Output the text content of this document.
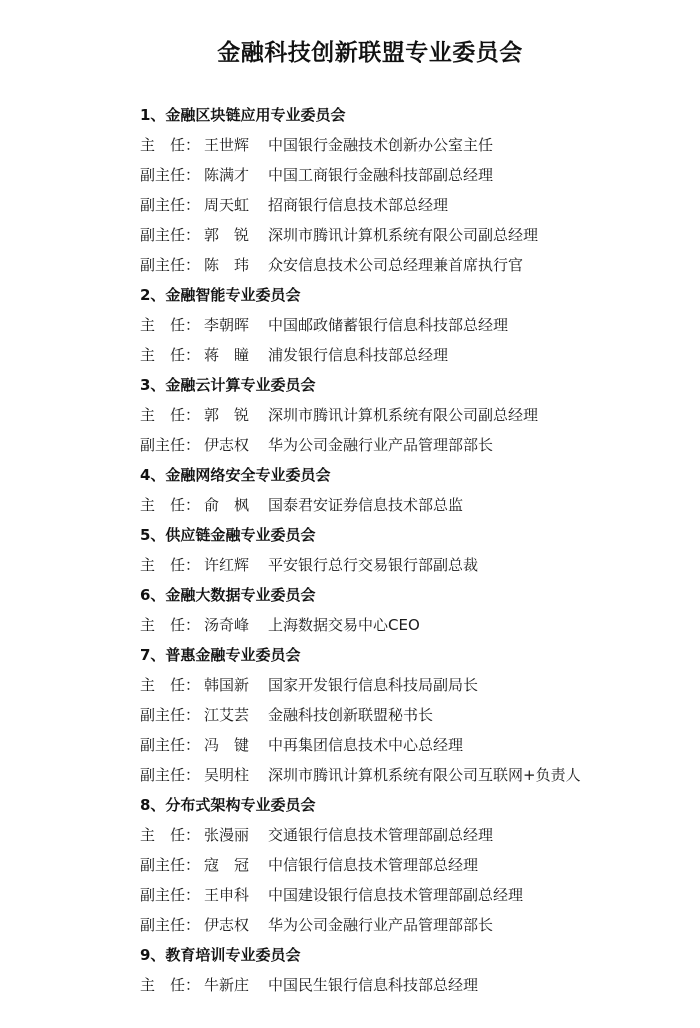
金融科技创新联盟专业委员会
1、金融区块链应用专业委员会
主　任： 王世辉 中国银行金融技术创新办公室主任
副主任： 陈满才 中国工商银行金融科技部副总经理
副主任： 周天虹 招商银行信息技术部总经理
副主任： 郭　锐 深圳市腾讯计算机系统有限公司副总经理
副主任： 陈　玮 众安信息技术公司总经理兼首席执行官
2、金融智能专业委员会
主　任： 李朝晖 中国邮政储蓄银行信息科技部总经理
主　任： 蒋　瞳 浦发银行信息科技部总经理
3、金融云计算专业委员会
主　任： 郭　锐 深圳市腾讯计算机系统有限公司副总经理
副主任： 伊志权 华为公司金融行业产品管理部部长
4、金融网络安全专业委员会
主　任： 俞　枫 国泰君安证券信息技术部总监
5、供应链金融专业委员会
主　任： 许红辉 平安银行总行交易银行部副总裁
6、金融大数据专业委员会
主　任： 汤奇峰 上海数据交易中心CEO
7、普惠金融专业委员会
主　任： 韩国新 国家开发银行信息科技局副局长
副主任： 江艾芸 金融科技创新联盟秘书长
副主任： 冯　键 中再集团信息技术中心总经理
副主任： 吴明柱 深圳市腾讯计算机系统有限公司互联网+负责人
8、分布式架构专业委员会
主　任： 张漫丽 交通银行信息技术管理部副总经理
副主任： 寇　冠 中信银行信息技术管理部总经理
副主任： 王申科 中国建设银行信息技术管理部副总经理
副主任： 伊志权 华为公司金融行业产品管理部部长
9、教育培训专业委员会
主　任： 牛新庄 中国民生银行信息科技部总经理
